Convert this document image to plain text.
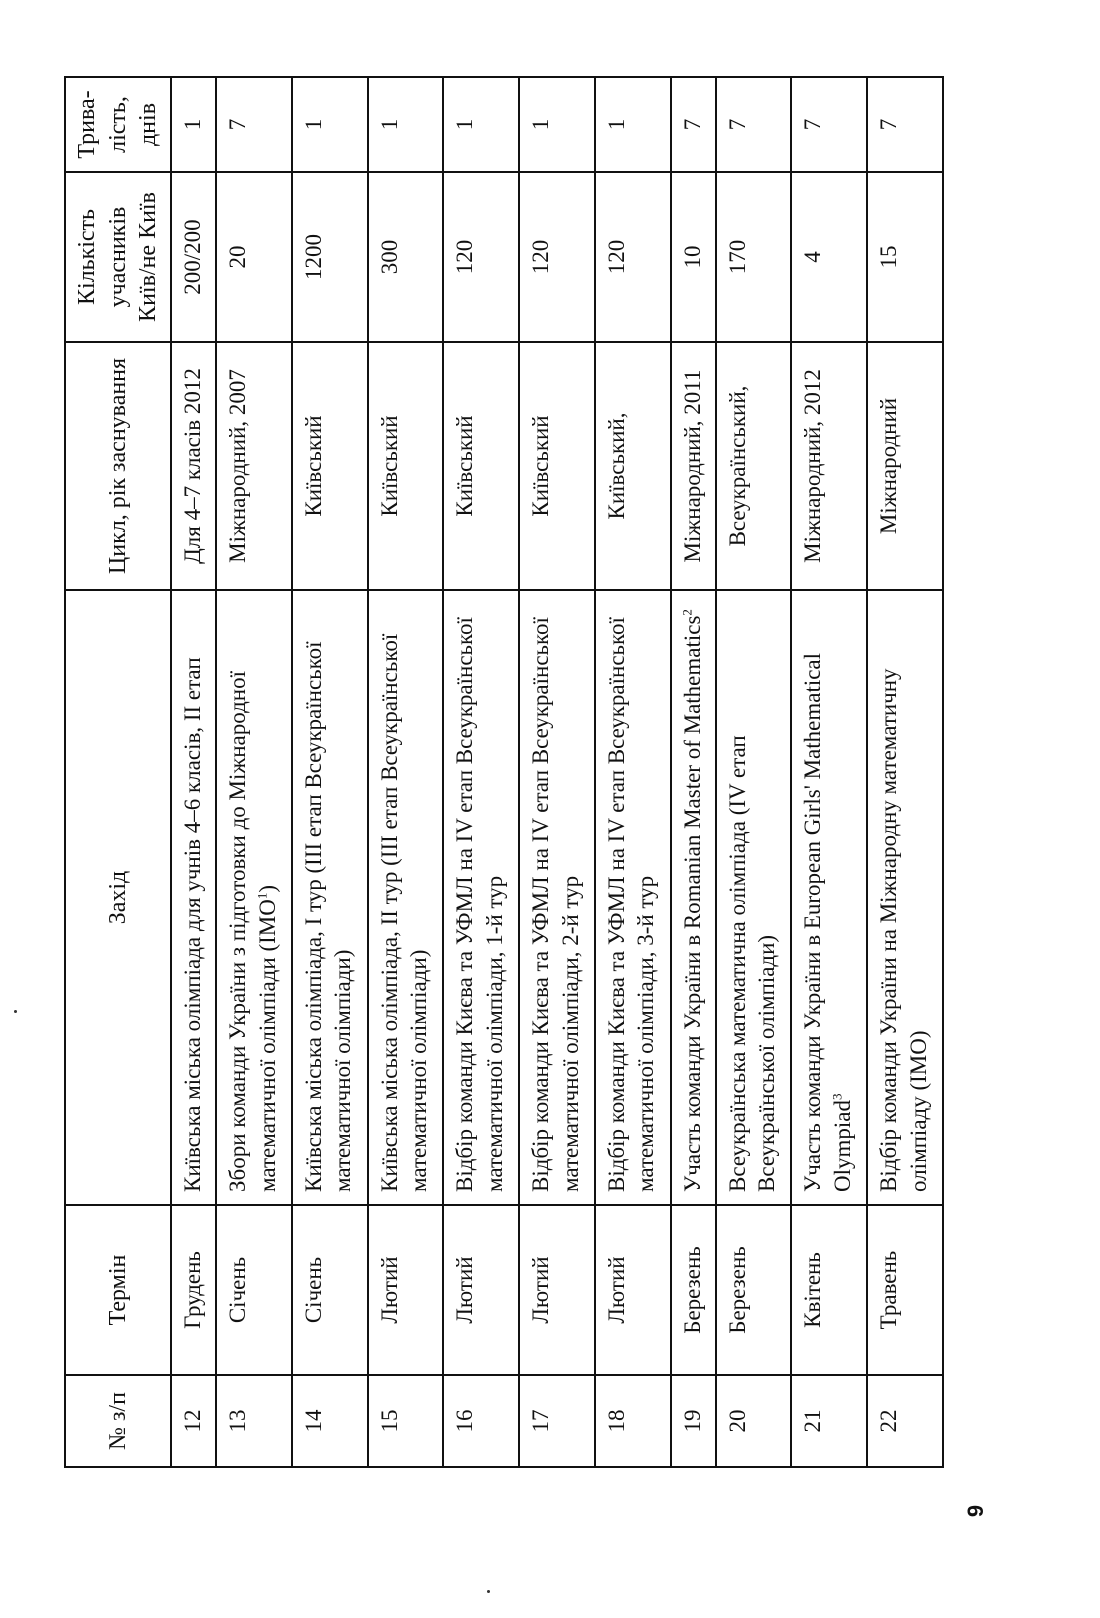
№ з/п	Термін	Захід	Цикл, рік заснування	Кількість учасників Київ/не Київ	Трива-лість, днів
12	Грудень	Київська міська олімпіада для учнів 4–6 класів, ІІ етап	Для 4–7 класів 2012	200/200	1
13	Січень	Збори команди України з підготовки до Міжнародної математичної олімпіади (IMO$^1$)	Міжнародний, 2007	20	7
14	Січень	Київська міська олімпіада, І тур (ІІІ етап Всеукраїнської математичної олімпіади)	Київський	1200	1
15	Лютий	Київська міська олімпіада, ІІ тур (ІІІ етап Всеукраїнської математичної олімпіади)	Київський	300	1
16	Лютий	Відбір команди Києва та УФМЛ на IV етап Всеукраїнської математичної олімпіади, 1-й тур	Київський	120	1
17	Лютий	Відбір команди Києва та УФМЛ на IV етап Всеукраїнської математичної олімпіади, 2-й тур	Київський	120	1
18	Лютий	Відбір команди Києва та УФМЛ на IV етап Всеукраїнської математичної олімпіади, 3-й тур	Київський,	120	1
19	Березень	Участь команди України в Romanian Master of Mathematics$^2$	Міжнародний, 2011	10	7
20	Березень	Всеукраїнська математична олімпіада (IV етап Всеукраїнської олімпіади)	Всеукраїнський,	170	7
21	Квітень	Участь команди України в European Girls' Mathematical Olympiad$^3$	Міжнародний, 2012	4	7
22	Травень	Відбір команди України на Міжнародну математичну олімпіаду (IMO)	Міжнародний	15	7
9
